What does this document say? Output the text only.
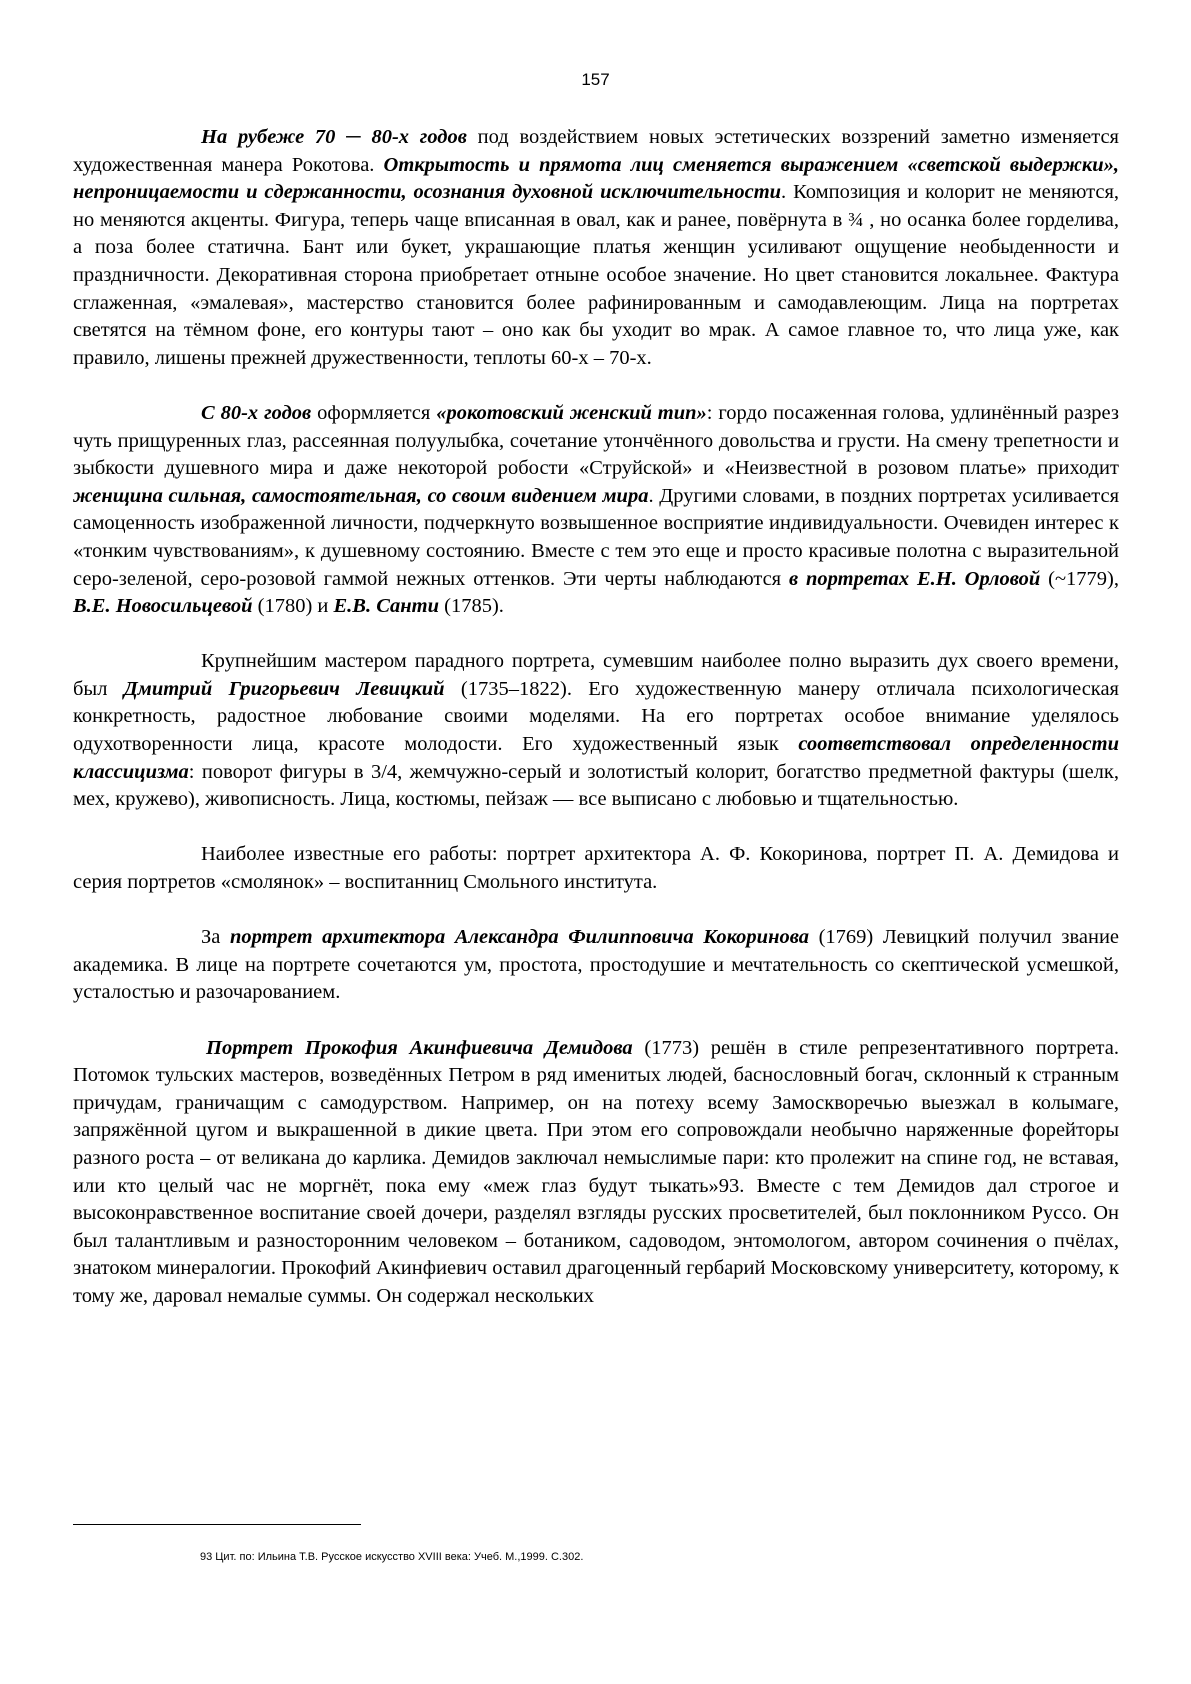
157

На рубеже 70 ─ 80-х годов под воздействием новых эстетических воззрений заметно изменяется художественная манера Рокотова. Открытость и прямота лиц сменяется выражением «светской выдержки», непроницаемости и сдержанности, осознания духовной исключительности. Композиция и колорит не меняются, но меняются акценты. Фигура, теперь чаще вписанная в овал, как и ранее, повёрнута в ¾ , но осанка более горделива, а поза более статична. Бант или букет, украшающие платья женщин усиливают ощущение необыденности и праздничности. Декоративная сторона приобретает отныне особое значение. Но цвет становится локальнее. Фактура сглаженная, «эмалевая», мастерство становится более рафинированным и самодавлеющим. Лица на портретах светятся на тёмном фоне, его контуры тают – оно как бы уходит во мрак. А самое главное то, что лица уже, как правило, лишены прежней дружественности, теплоты 60-х – 70-х.

С 80-х годов оформляется «рокотовский женский тип»: гордо посаженная голова, удлинённый разрез чуть прищуренных глаз, рассеянная полуулыбка, сочетание утончённого довольства и грусти. На смену трепетности и зыбкости душевного мира и даже некоторой робости «Струйской» и «Неизвестной в розовом платье» приходит женщина сильная, самостоятельная, со своим видением мира. Другими словами, в поздних портретах усиливается самоценность изображенной личности, подчеркнуто возвышенное восприятие индивидуальности. Очевиден интерес к «тонким чувствованиям», к душевному состоянию. Вместе с тем это еще и просто красивые полотна с выразительной серо-зеленой, серо-розовой гаммой нежных оттенков. Эти черты наблюдаются в портретах Е.Н. Орловой (~1779), В.Е. Новосильцевой (1780) и Е.В. Санти (1785).

Крупнейшим мастером парадного портрета, сумевшим наиболее полно выразить дух своего времени, был Дмитрий Григорьевич Левицкий (1735–1822). Его художественную манеру отличала психологическая конкретность, радостное любование своими моделями. На его портретах особое внимание уделялось одухотворенности лица, красоте молодости. Его художественный язык соответствовал определенности классицизма: поворот фигуры в 3/4, жемчужно-серый и золотистый колорит, богатство предметной фактуры (шелк, мех, кружево), живописность. Лица, костюмы, пейзаж — все выписано с любовью и тщательностью.

Наиболее известные его работы: портрет архитектора А. Ф. Кокоринова, портрет П. А. Демидова и серия портретов «смолянок» – воспитанниц Смольного института.

За портрет архитектора Александра Филипповича Кокоринова (1769) Левицкий получил звание академика. В лице на портрете сочетаются ум, простота, простодушие и мечтательность со скептической усмешкой, усталостью и разочарованием.

Портрет Прокофия Акинфиевича Демидова (1773) решён в стиле репрезентативного портрета. Потомок тульских мастеров, возведённых Петром в ряд именитых людей, баснословный богач, склонный к странным причудам, граничащим с самодурством. Например, он на потеху всему Замоскворечью выезжал в колымаге, запряжённой цугом и выкрашенной в дикие цвета. При этом его сопровождали необычно наряженные форейторы разного роста – от великана до карлика. Демидов заключал немыслимые пари: кто пролежит на спине год, не вставая, или кто целый час не моргнёт, пока ему «меж глаз будут тыкать»93. Вместе с тем Демидов дал строгое и высоконравственное воспитание своей дочери, разделял взгляды русских просветителей, был поклонником Руссо. Он был талантливым и разносторонним человеком – ботаником, садоводом, энтомологом, автором сочинения о пчёлах, знатоком минералогии. Прокофий Акинфиевич оставил драгоценный гербарий Московскому университету, которому, к тому же, даровал немалые суммы. Он содержал нескольких

93 Цит. по: Ильина Т.В. Русское искусство XVIII века: Учеб. М.,1999. С.302.
